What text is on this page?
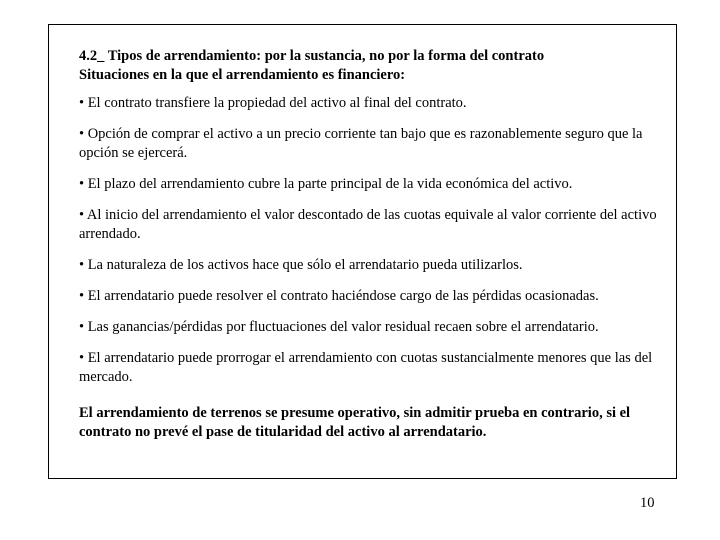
4.2_ Tipos de arrendamiento: por la sustancia, no por la forma del contrato
Situaciones en la que el arrendamiento es financiero:
• El contrato transfiere la propiedad del activo al final del contrato.
• Opción de comprar el activo a un precio corriente tan bajo que es razonablemente seguro que la opción se ejercerá.
• El plazo del arrendamiento cubre la parte principal de la vida económica del activo.
• Al inicio del arrendamiento el valor descontado de las cuotas equivale al valor corriente del activo arrendado.
• La naturaleza de los activos hace que sólo el arrendatario pueda utilizarlos.
• El arrendatario puede resolver el contrato haciéndose cargo de las pérdidas ocasionadas.
• Las ganancias/pérdidas por fluctuaciones del valor residual recaen sobre el arrendatario.
• El arrendatario puede prorrogar el arrendamiento con cuotas sustancialmente menores que las del mercado.
El arrendamiento de terrenos se presume operativo, sin admitir prueba en contrario, si el contrato no prevé el pase de titularidad del activo al arrendatario.
10
